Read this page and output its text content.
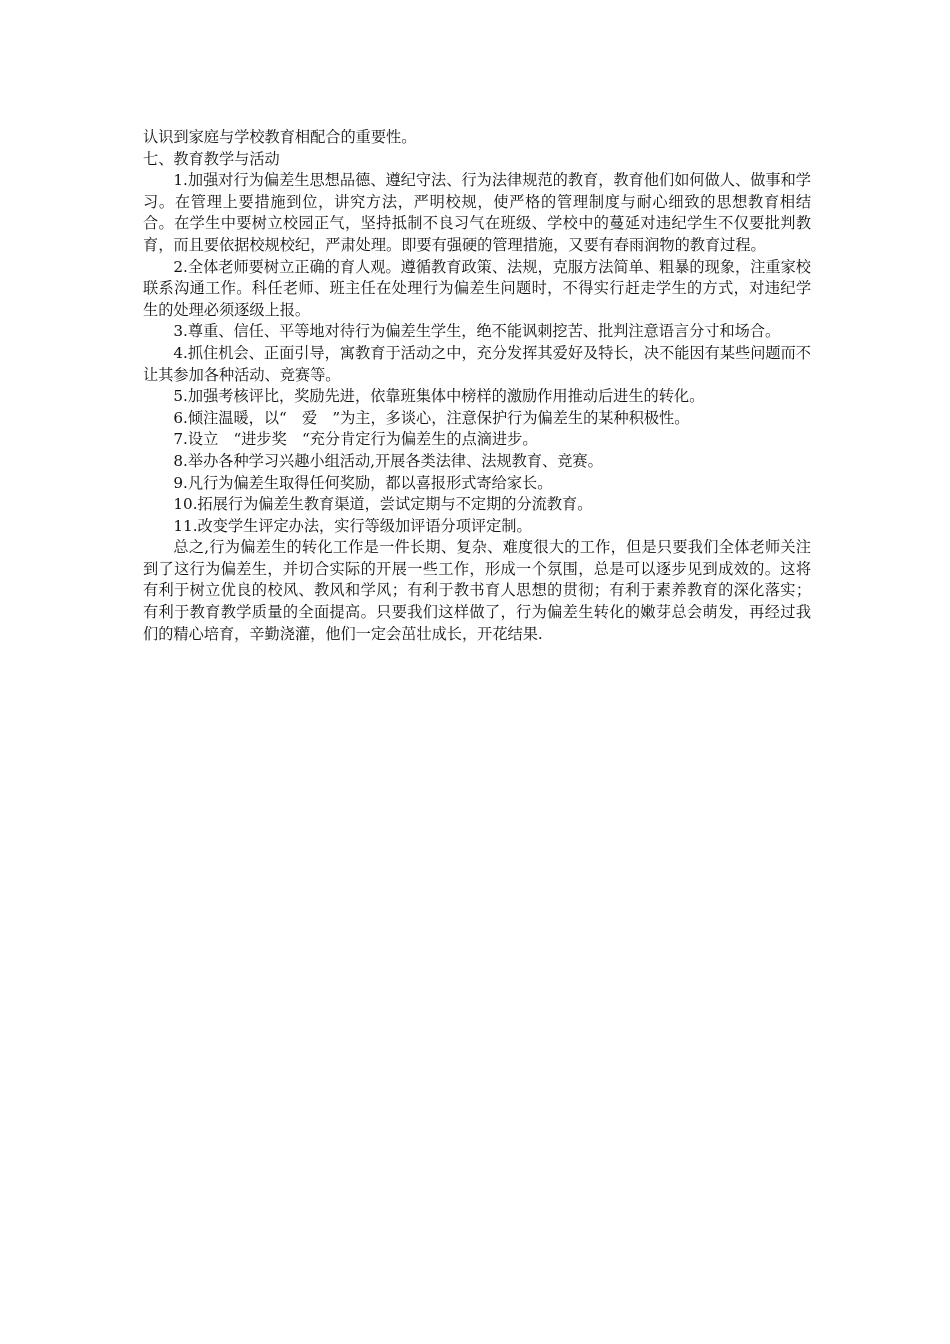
认识到家庭与学校教育相配合的重要性。

七、教育教学与活动

1.加强对行为偏差生思想品德、遵纪守法、行为法律规范的教育，教育他们如何做人、做事和学习。在管理上要措施到位，讲究方法，严明校规，使严格的管理制度与耐心细致的思想教育相结合。在学生中要树立校园正气，坚持抵制不良习气在班级、学校中的蔓延对违纪学生不仅要批判教育，而且要依据校规校纪，严肃处理。即要有强硬的管理措施，又要有春雨润物的教育过程。

2.全体老师要树立正确的育人观。遵循教育政策、法规，克服方法简单、粗暴的现象，注重家校联系沟通工作。科任老师、班主任在处理行为偏差生问题时，不得实行赶走学生的方式，对违纪学生的处理必须逐级上报。

3.尊重、信任、平等地对待行为偏差生学生，绝不能讽刺挖苦、批判注意语言分寸和场合。

4.抓住机会、正面引导，寓教育于活动之中，充分发挥其爱好及特长，决不能因有某些问题而不让其参加各种活动、竞赛等。

5.加强考核评比，奖励先进，依靠班集体中榜样的激励作用推动后进生的转化。

6.倾注温暖，以“　爱　”为主，多谈心，注意保护行为偏差生的某种积极性。

7.设立　“进步奖　“充分肯定行为偏差生的点滴进步。

8.举办各种学习兴趣小组活动,开展各类法律、法规教育、竞赛。

9.凡行为偏差生取得任何奖励，都以喜报形式寄给家长。

10.拓展行为偏差生教育渠道，尝试定期与不定期的分流教育。

11.改变学生评定办法，实行等级加评语分项评定制。

总之,行为偏差生的转化工作是一件长期、复杂、难度很大的工作，但是只要我们全体老师关注到了这行为偏差生，并切合实际的开展一些工作，形成一个氛围，总是可以逐步见到成效的。这将有利于树立优良的校风、教风和学风；有利于教书育人思想的贯彻；有利于素养教育的深化落实；有利于教育教学质量的全面提高。只要我们这样做了，行为偏差生转化的嫩芽总会萌发，再经过我们的精心培育，辛勤浇灌，他们一定会茁壮成长，开花结果.
